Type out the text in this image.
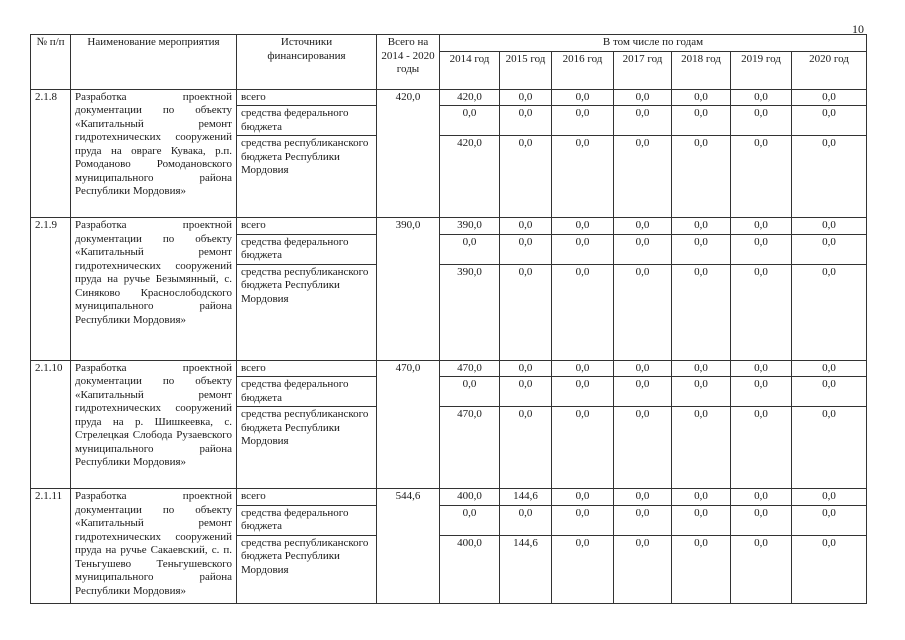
10
№ п/п	Наименование мероприятия	Источники финансирования	Всего на 2014 - 2020 годы	В том числе по годам						
				2014 год	2015 год	2016 год	2017 год	2018 год	2019 год	2020 год
2.1.8	Разработка проектной документации по объекту «Капитальный ремонт гидротехнических сооружений пруда на овраге Кувака, р.п. Ромоданово Ромодановского муниципального района Республики Мордовия»	всего	420,0	420,0	0,0	0,0	0,0	0,0	0,0	0,0
		средства федерального бюджета		0,0	0,0	0,0	0,0	0,0	0,0	0,0
		средства республиканского бюджета Республики Мордовия		420,0	0,0	0,0	0,0	0,0	0,0	0,0
2.1.9	Разработка проектной документации по объекту «Капитальный ремонт гидротехнических сооружений пруда на ручье Безымянный, с. Синяково Краснослободского муниципального района Республики Мордовия»	всего	390,0	390,0	0,0	0,0	0,0	0,0	0,0	0,0
		средства федерального бюджета		0,0	0,0	0,0	0,0	0,0	0,0	0,0
		средства республиканского бюджета Республики Мордовия		390,0	0,0	0,0	0,0	0,0	0,0	0,0
2.1.10	Разработка проектной документации по объекту «Капитальный ремонт гидротехнических сооружений пруда на р. Шишкеевка, с. Стрелецкая Слобода Рузаевского муниципального района Республики Мордовия»	всего	470,0	470,0	0,0	0,0	0,0	0,0	0,0	0,0
		средства федерального бюджета		0,0	0,0	0,0	0,0	0,0	0,0	0,0
		средства республиканского бюджета Республики Мордовия		470,0	0,0	0,0	0,0	0,0	0,0	0,0
2.1.11	Разработка проектной документации по объекту «Капитальный ремонт гидротехнических сооружений пруда на ручье Сакаевский, с. п. Теньгушево Теньгушевского муниципального района Республики Мордовия»	всего	544,6	400,0	144,6	0,0	0,0	0,0	0,0	0,0
		средства федерального бюджета		0,0	0,0	0,0	0,0	0,0	0,0	0,0
		средства республиканского бюджета Республики Мордовия		400,0	144,6	0,0	0,0	0,0	0,0	0,0
